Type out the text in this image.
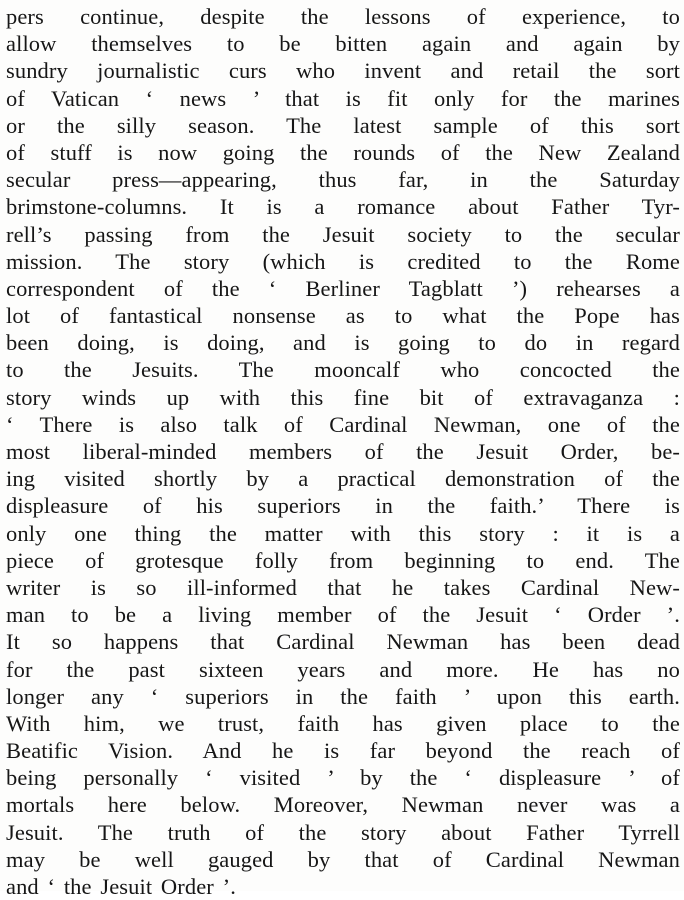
pers continue, despite the lessons of experience, to
allow themselves to be bitten again and again by
sundry journalistic curs who invent and retail the sort
of Vatican ‘ news ’ that is fit only for the marines
or the silly season. The latest sample of this sort
of stuff is now going the rounds of the New Zealand
secular press—appearing, thus far, in the Saturday
brimstone-columns. It is a romance about Father Tyr-
rell’s passing from the Jesuit society to the secular
mission. The story (which is credited to the Rome
correspondent of the ‘ Berliner Tagblatt ’) rehearses a
lot of fantastical nonsense as to what the Pope has
been doing, is doing, and is going to do in regard
to the Jesuits. The mooncalf who concocted the
story winds up with this fine bit of extravaganza :
‘ There is also talk of Cardinal Newman, one of the
most liberal-minded members of the Jesuit Order, be-
ing visited shortly by a practical demonstration of the
displeasure of his superiors in the faith.’ There is
only one thing the matter with this story : it is a
piece of grotesque folly from beginning to end. The
writer is so ill-informed that he takes Cardinal New-
man to be a living member of the Jesuit ‘ Order ’.
It so happens that Cardinal Newman has been dead
for the past sixteen years and more. He has no
longer any ‘ superiors in the faith ’ upon this earth.
With him, we trust, faith has given place to the
Beatific Vision. And he is far beyond the reach of
being personally ‘ visited ’ by the ‘ displeasure ’ of
mortals here below. Moreover, Newman never was a
Jesuit. The truth of the story about Father Tyrrell
may be well gauged by that of Cardinal Newman
and ‘ the Jesuit Order ’.
